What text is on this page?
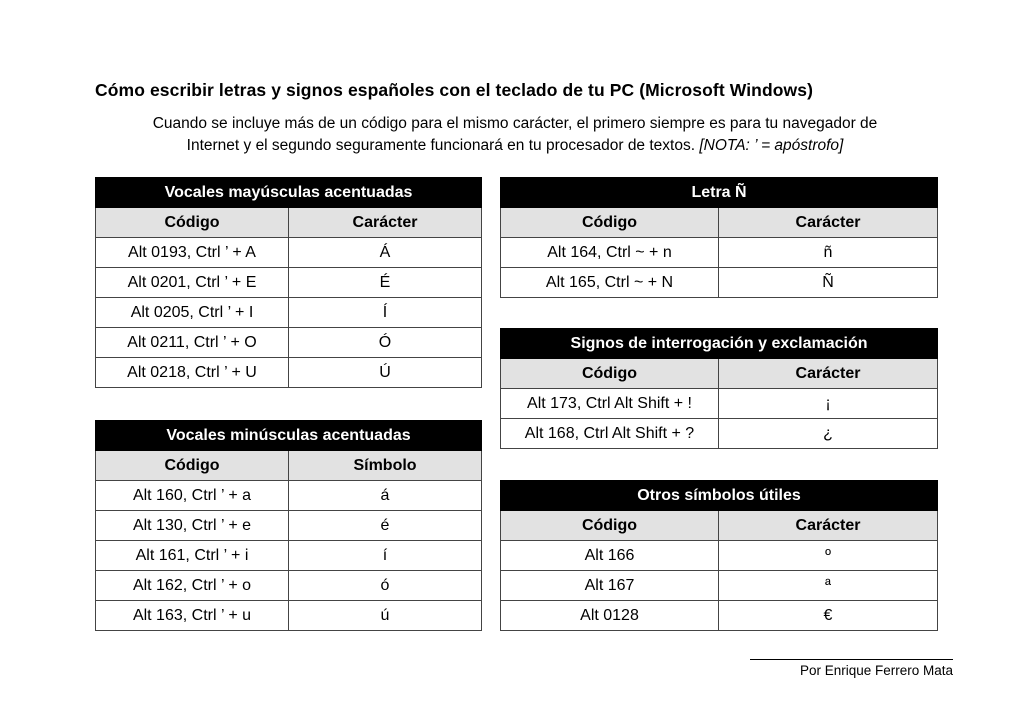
Cómo escribir letras y signos españoles con el teclado de tu PC (Microsoft Windows)
Cuando se incluye más de un código para el mismo carácter, el primero siempre es para tu navegador de
Internet y el segundo seguramente funcionará en tu procesador de textos. [NOTA: ’ = apóstrofo]
Vocales mayúsculas acentuadas	
Código	Carácter
Alt 0193, Ctrl ’ + A	Á
Alt 0201, Ctrl ’ + E	É
Alt 0205, Ctrl ’ + I	Í
Alt 0211, Ctrl ’ + O	Ó
Alt 0218, Ctrl ’ + U	Ú
Vocales minúsculas acentuadas	
Código	Símbolo
Alt 160, Ctrl ’ + a	á
Alt 130, Ctrl ’ + e	é
Alt 161, Ctrl ’ + i	í
Alt 162, Ctrl ’ + o	ó
Alt 163, Ctrl ’ + u	ú
Letra Ñ	
Código	Carácter
Alt 164, Ctrl ~ + n	ñ
Alt 165, Ctrl ~ + N	Ñ
Signos de interrogación y exclamación	
Código	Carácter
Alt 173, Ctrl Alt Shift + !	¡
Alt 168, Ctrl Alt Shift + ?	¿
Otros símbolos útiles	
Código	Carácter
Alt 166	º
Alt 167	ª
Alt 0128	€
Por Enrique Ferrero Mata
